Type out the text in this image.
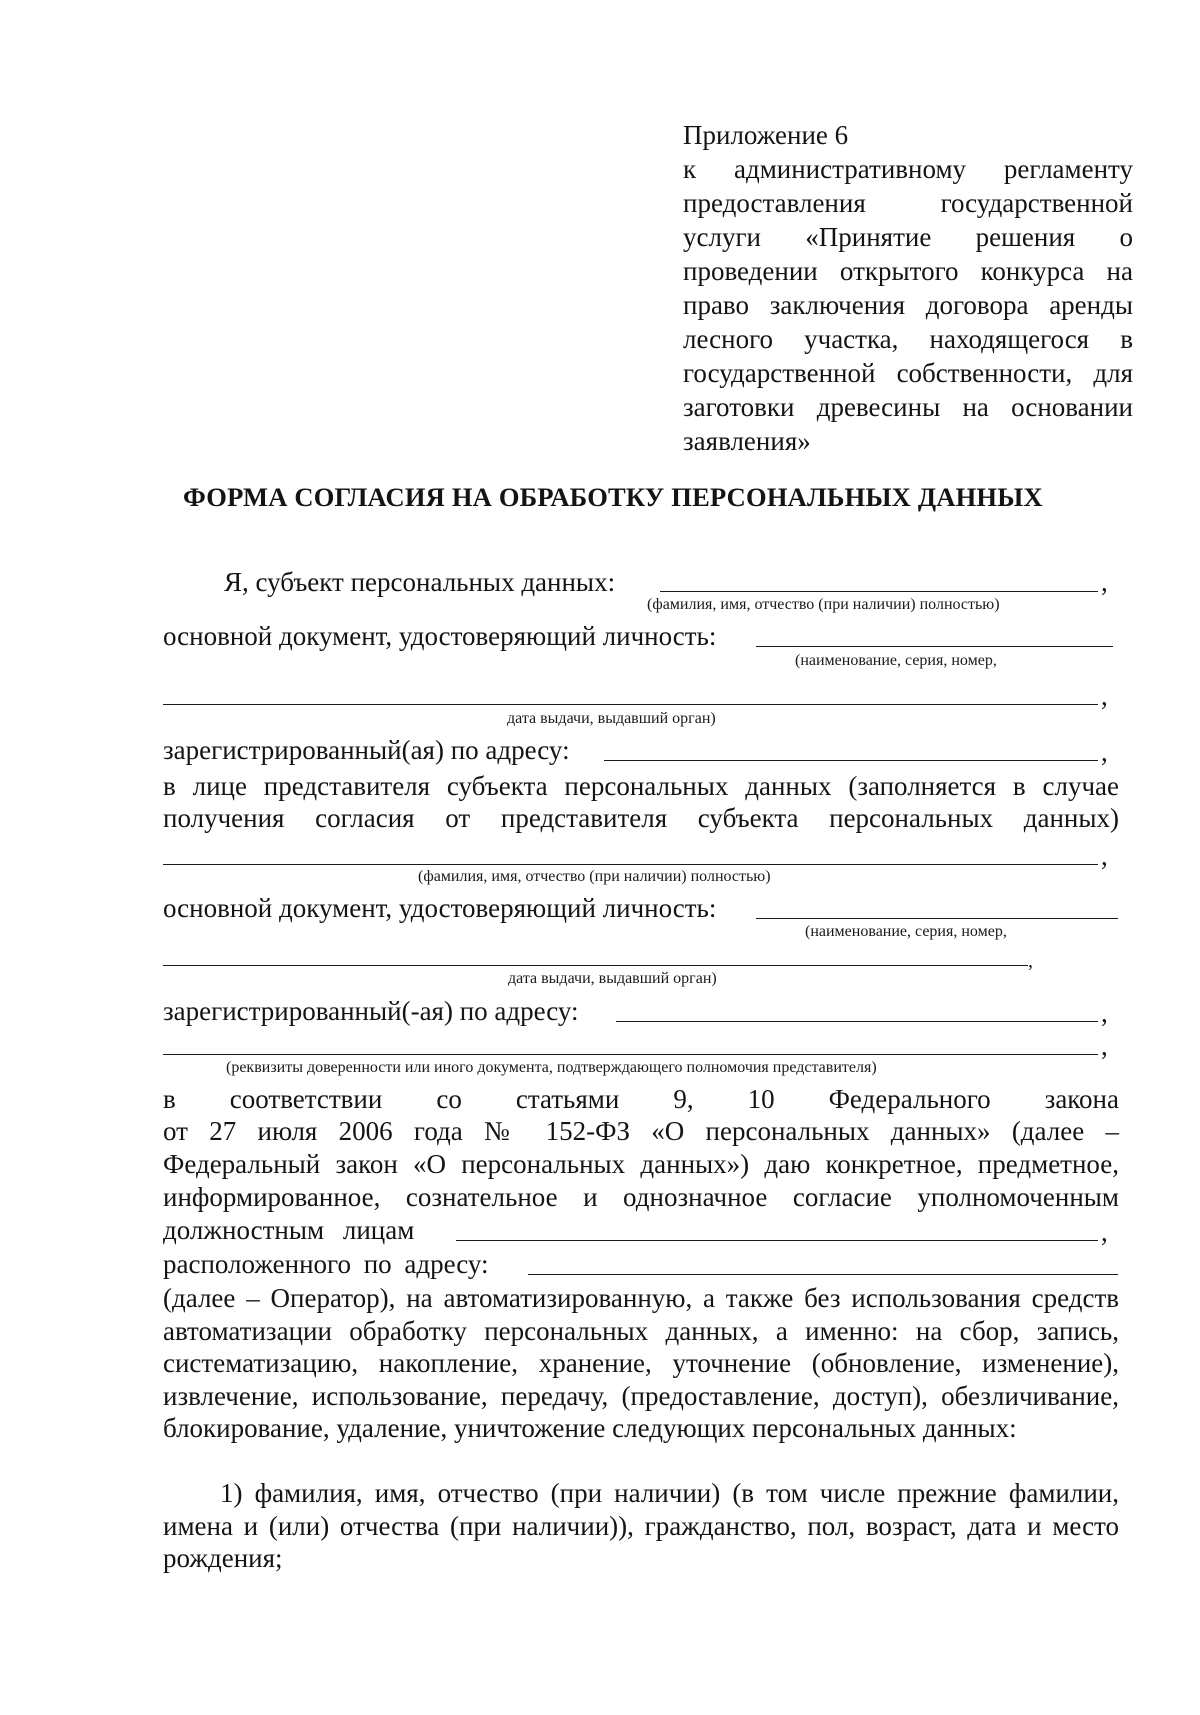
Приложение 6

к административному регламенту предоставления государственной услуги «Принятие решения о проведении открытого конкурса на право заключения договора аренды лесного участка, находящегося в государственной собственности, для заготовки древесины на основании заявления»

ФОРМА СОГЛАСИЯ НА ОБРАБОТКУ ПЕРСОНАЛЬНЫХ ДАННЫХ
Я, субъект персональных данных:	,
(фамилия, имя, отчество (при наличии) полностью)
основной документ, удостоверяющий личность:
(наименование, серия, номер,
,
дата выдачи, выдавший орган)
зарегистрированный(ая) по адресу:	,
в лице представителя субъекта персональных данных (заполняется в случае
получения согласия от представителя субъекта персональных данных)
,
(фамилия, имя, отчество (при наличии) полностью)
основной документ, удостоверяющий личность:
(наименование, серия, номер,
,
дата выдачи, выдавший орган)
зарегистрированный(-ая) по адресу:	,
,
(реквизиты доверенности или иного документа, подтверждающего полномочия представителя)
в соответствии со статьями 9, 10 Федерального закона
от 27 июля 2006 года № 152-ФЗ «О персональных данных» (далее –
Федеральный закон «О персональных данных») даю конкретное, предметное,
информированное, сознательное и однозначное согласие уполномоченным
должностным лицам	,
расположенного по адресу:
(далее – Оператор), на автоматизированную, а также без использования средств автоматизации обработку персональных данных, а именно: на сбор, запись, систематизацию, накопление, хранение, уточнение (обновление, изменение), извлечение, использование, передачу, (предоставление, доступ), обезличивание, блокирование, удаление, уничтожение следующих персональных данных:
1) фамилия, имя, отчество (при наличии) (в том числе прежние фамилии, имена и (или) отчества (при наличии)), гражданство, пол, возраст, дата и место рождения;
